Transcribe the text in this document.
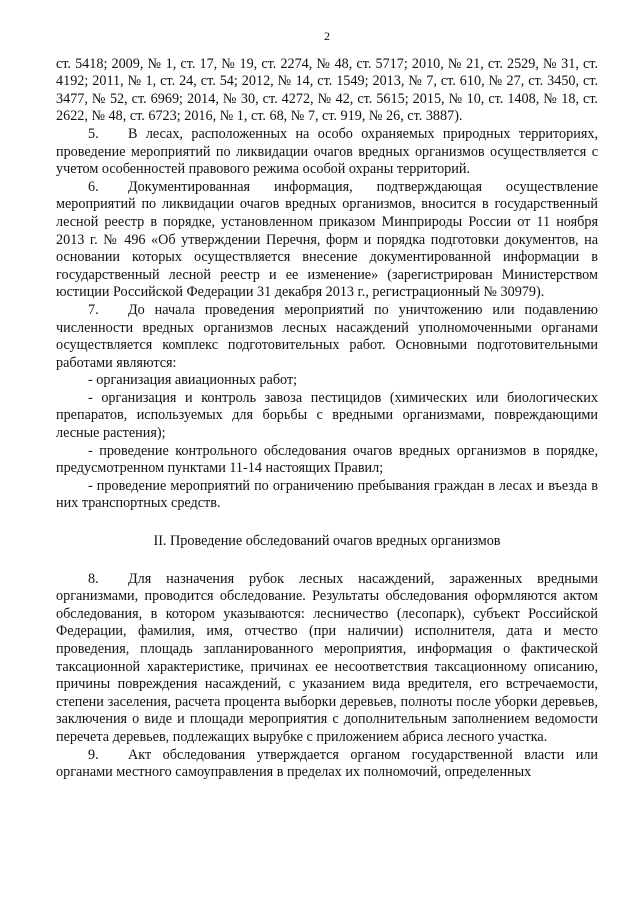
2

ст. 5418; 2009, № 1, ст. 17, № 19, ст. 2274, № 48, ст. 5717; 2010, № 21, ст. 2529, № 31, ст. 4192; 2011, № 1, ст. 24, ст. 54; 2012, № 14, ст. 1549; 2013, № 7, ст. 610, № 27, ст. 3450, ст. 3477, № 52, ст. 6969; 2014, № 30, ст. 4272, № 42, ст. 5615; 2015, № 10, ст. 1408, № 18, ст. 2622, № 48, ст. 6723; 2016, № 1, ст. 68, № 7, ст. 919, № 26, ст. 3887).

5. В лесах, расположенных на особо охраняемых природных территориях, проведение мероприятий по ликвидации очагов вредных организмов осуществляется с учетом особенностей правового режима особой охраны территорий.

6. Документированная информация, подтверждающая осуществление мероприятий по ликвидации очагов вредных организмов, вносится в государственный лесной реестр в порядке, установленном приказом Минприроды России от 11 ноября 2013 г. № 496 «Об утверждении Перечня, форм и порядка подготовки документов, на основании которых осуществляется внесение документированной информации в государственный лесной реестр и ее изменение» (зарегистрирован Министерством юстиции Российской Федерации 31 декабря 2013 г., регистрационный № 30979).

7. До начала проведения мероприятий по уничтожению или подавлению численности вредных организмов лесных насаждений уполномоченными органами осуществляется комплекс подготовительных работ. Основными подготовительными работами являются:

- организация авиационных работ;

- организация и контроль завоза пестицидов (химических или биологических препаратов, используемых для борьбы с вредными организмами, повреждающими лесные растения);

- проведение контрольного обследования очагов вредных организмов в порядке, предусмотренном пунктами 11-14 настоящих Правил;

- проведение мероприятий по ограничению пребывания граждан в лесах и въезда в них транспортных средств.

II. Проведение обследований очагов вредных организмов

8. Для назначения рубок лесных насаждений, зараженных вредными организмами, проводится обследование. Результаты обследования оформляются актом обследования, в котором указываются: лесничество (лесопарк), субъект Российской Федерации, фамилия, имя, отчество (при наличии) исполнителя, дата и место проведения, площадь запланированного мероприятия, информация о фактической таксационной характеристике, причинах ее несоответствия таксационному описанию, причины повреждения насаждений, с указанием вида вредителя, его встречаемости, степени заселения, расчета процента выборки деревьев, полноты после уборки деревьев, заключения о виде и площади мероприятия с дополнительным заполнением ведомости перечета деревьев, подлежащих вырубке с приложением абриса лесного участка.

9. Акт обследования утверждается органом государственной власти или органами местного самоуправления в пределах их полномочий, определенных
